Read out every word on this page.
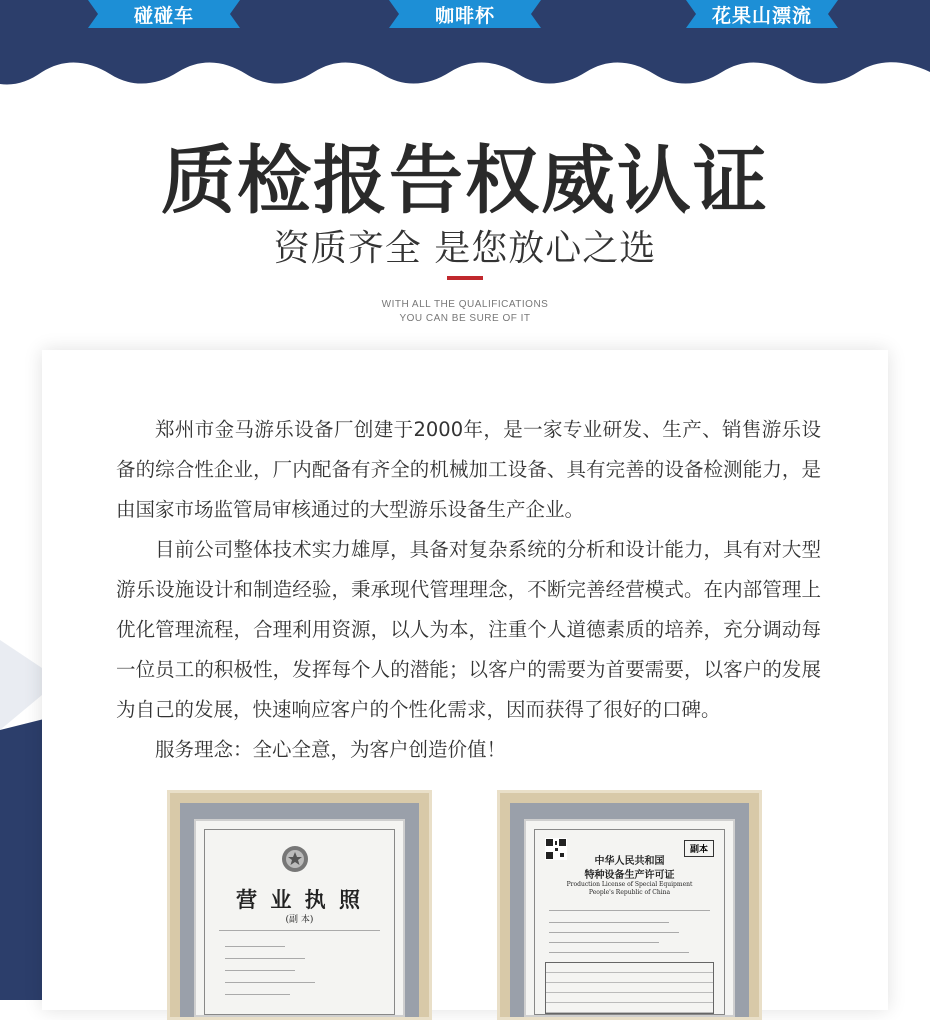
碰碰车	咖啡杯	花果山漂流
质检报告权威认证
资质齐全 是您放心之选
WITH ALL THE QUALIFICATIONS
YOU CAN BE SURE OF IT

郑州市金马游乐设备厂创建于2000年，是一家专业研发、生产、销售游乐设备的综合性企业，厂内配备有齐全的机械加工设备、具有完善的设备检测能力，是由国家市场监管局审核通过的大型游乐设备生产企业。

目前公司整体技术实力雄厚，具备对复杂系统的分析和设计能力，具有对大型游乐设施设计和制造经验，秉承现代管理理念，不断完善经营模式。在内部管理上优化管理流程，合理利用资源，以人为本，注重个人道德素质的培养，充分调动每一位员工的积极性，发挥每个人的潜能；以客户的需要为首要需要，以客户的发展为自己的发展，快速响应客户的个性化需求，因而获得了很好的口碑。

服务理念：全心全意，为客户创造价值！

营 业 执 照
(副 本)
副本
中华人民共和国
特种设备生产许可证
Production License of Special Equipment
People's Republic of China
